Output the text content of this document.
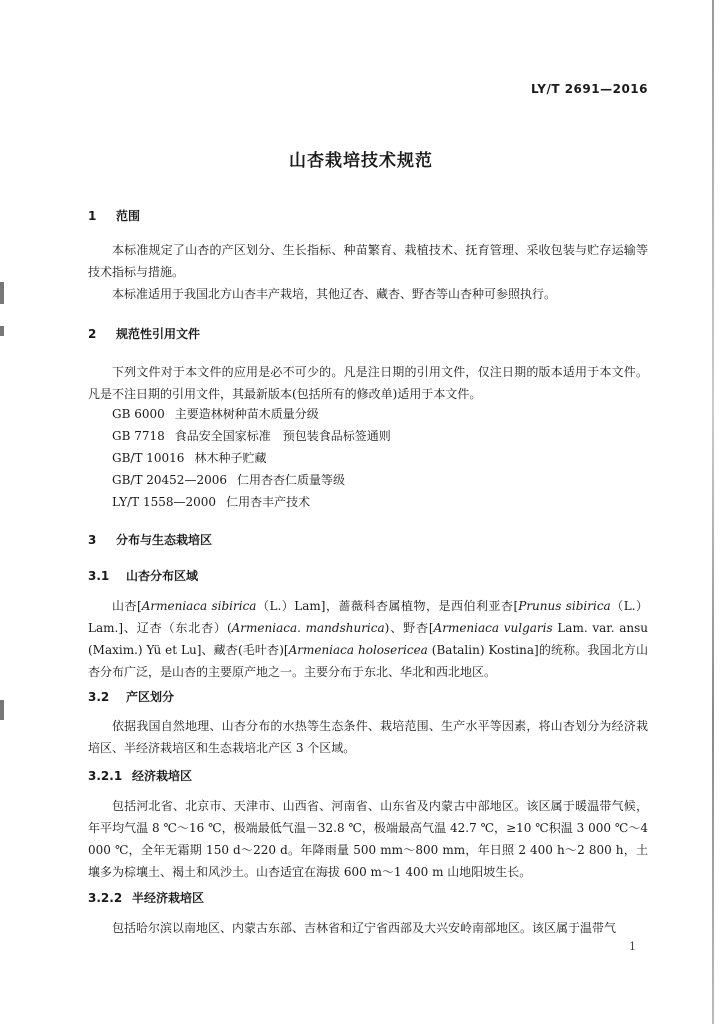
LY/T 2691—2016
山杏栽培技术规范
1 范围
本标准规定了山杏的产区划分、生长指标、种苗繁育、栽植技术、抚育管理、采收包装与贮存运输等技术指标与措施。
本标准适用于我国北方山杏丰产栽培，其他辽杏、藏杏、野杏等山杏种可参照执行。
2 规范性引用文件
下列文件对于本文件的应用是必不可少的。凡是注日期的引用文件，仅注日期的版本适用于本文件。凡是不注日期的引用文件，其最新版本(包括所有的修改单)适用于本文件。
GB 6000 主要造林树种苗木质量分级
GB 7718 食品安全国家标准　预包装食品标签通则
GB/T 10016 林木种子贮藏
GB/T 20452—2006 仁用杏杏仁质量等级
LY/T 1558—2000 仁用杏丰产技术
3 分布与生态栽培区
3.1 山杏分布区域
山杏[Armeniaca sibirica（L.）Lam]，蔷薇科杏属植物，是西伯利亚杏[Prunus sibirica（L.）Lam.]、辽杏（东北杏）(Armeniaca. mandshurica)、野杏[Armeniaca vulgaris Lam. var. ansu (Maxim.) Yü et Lu]、藏杏(毛叶杏)[Armeniaca holosericea (Batalin) Kostina]的统称。我国北方山杏分布广泛，是山杏的主要原产地之一。主要分布于东北、华北和西北地区。
3.2 产区划分
依据我国自然地理、山杏分布的水热等生态条件、栽培范围、生产水平等因素，将山杏划分为经济栽培区、半经济栽培区和生态栽培北产区 3 个区域。
3.2.1 经济栽培区
包括河北省、北京市、天津市、山西省、河南省、山东省及内蒙古中部地区。该区属于暖温带气候，年平均气温 8 ℃～16 ℃，极端最低气温－32.8 ℃，极端最高气温 42.7 ℃，≥10 ℃积温 3 000 ℃～4 000 ℃，全年无霜期 150 d～220 d。年降雨量 500 mm～800 mm，年日照 2 400 h～2 800 h，土壤多为棕壤土、褐土和风沙土。山杏适宜在海拔 600 m～1 400 m 山地阳坡生长。
3.2.2 半经济栽培区
包括哈尔滨以南地区、内蒙古东部、吉林省和辽宁省西部及大兴安岭南部地区。该区属于温带气
1
